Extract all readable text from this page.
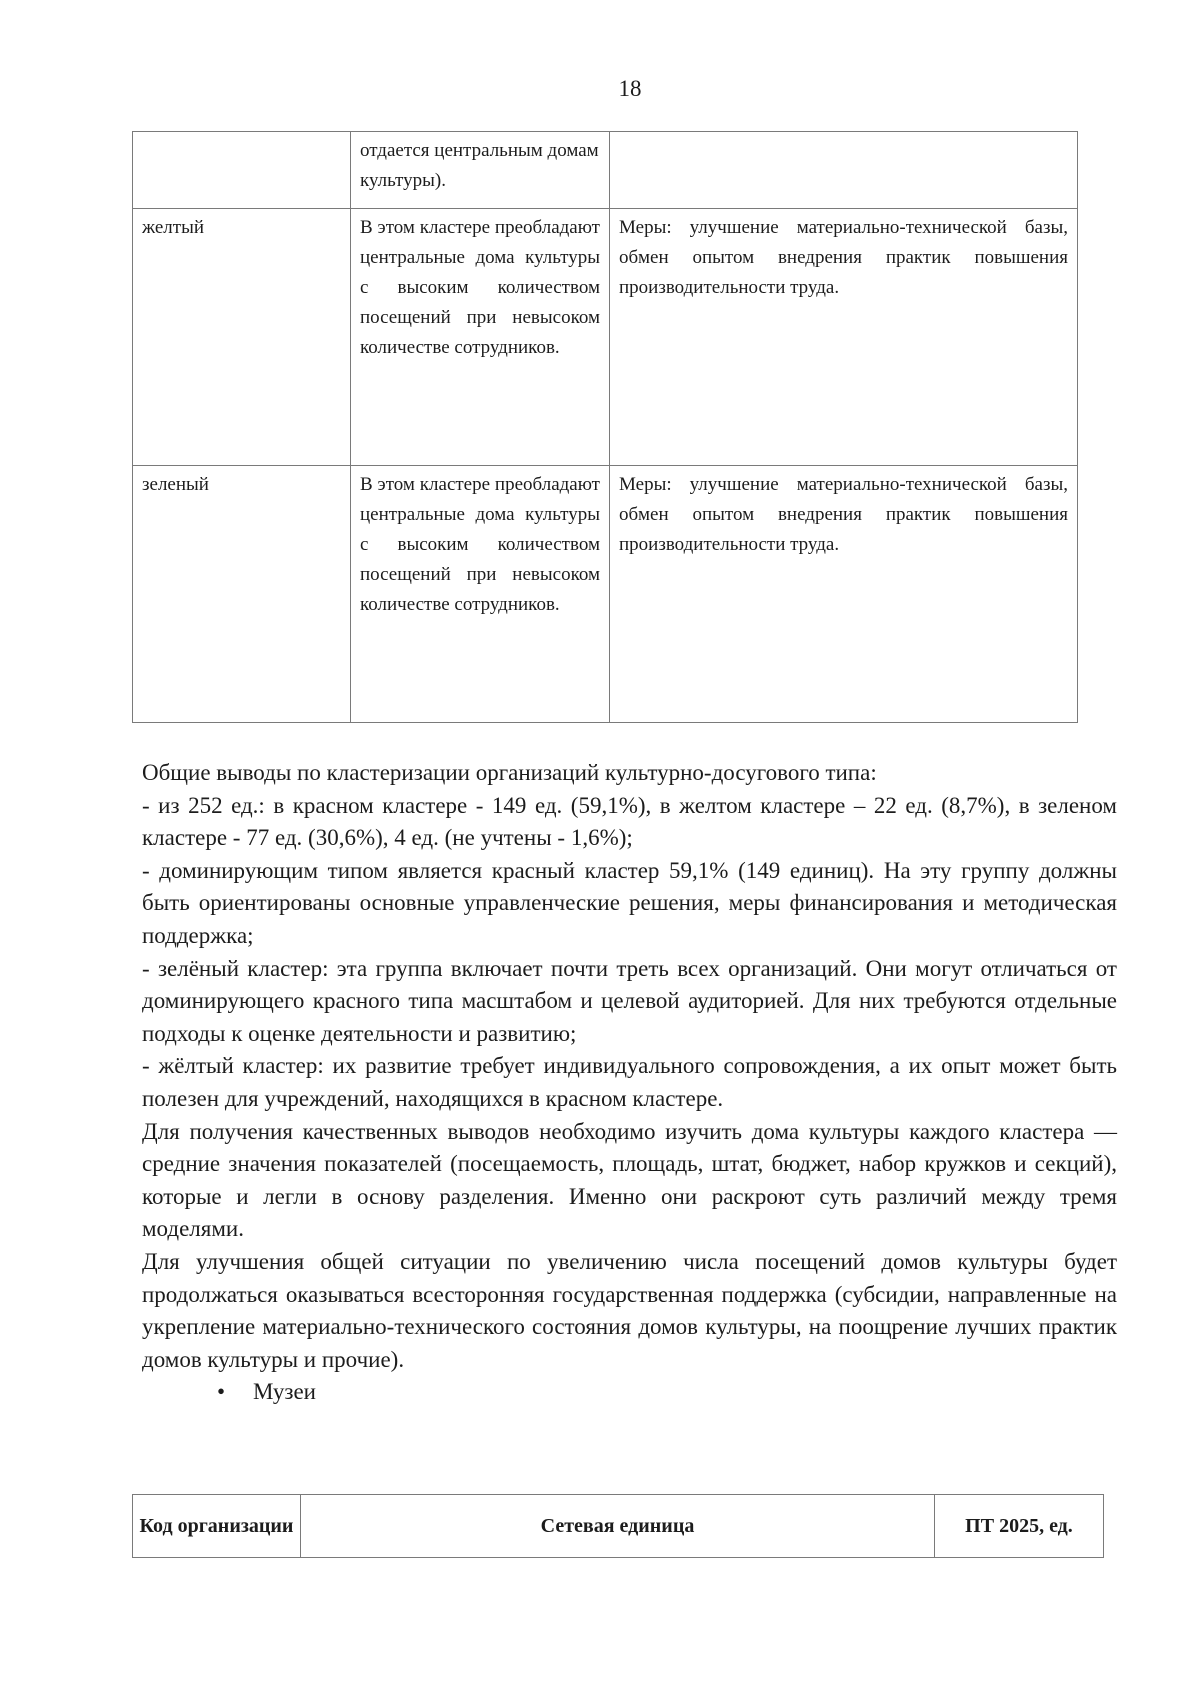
18
	отдается центральным домам культуры).	
желтый	В этом кластере преобладают центральные дома культуры с высоким количеством посещений при невысоком количестве сотрудников.	Меры: улучшение материально-технической базы, обмен опытом внедрения практик повышения производительности труда.
зеленый	В этом кластере преобладают центральные дома культуры с высоким количеством посещений при невысоком количестве сотрудников.	Меры: улучшение материально-технической базы, обмен опытом внедрения практик повышения производительности труда.

Общие выводы по кластеризации организаций культурно-досугового типа:

- из 252 ед.: в красном кластере - 149 ед. (59,1%), в желтом кластере – 22 ед. (8,7%), в зеленом кластере - 77 ед. (30,6%), 4 ед. (не учтены - 1,6%);

- доминирующим типом является красный кластер 59,1% (149 единиц). На эту группу должны быть ориентированы основные управленческие решения, меры финансирования и методическая поддержка;

- зелёный кластер: эта группа включает почти треть всех организаций. Они могут отличаться от доминирующего красного типа масштабом и целевой аудиторией. Для них требуются отдельные подходы к оценке деятельности и развитию;

- жёлтый кластер: их развитие требует индивидуального сопровождения, а их опыт может быть полезен для учреждений, находящихся в красном кластере.

Для получения качественных выводов необходимо изучить дома культуры каждого кластера — средние значения показателей (посещаемость, площадь, штат, бюджет, набор кружков и секций), которые и легли в основу разделения. Именно они раскроют суть различий между тремя моделями.

Для улучшения общей ситуации по увеличению числа посещений домов культуры будет продолжаться оказываться всесторонняя государственная поддержка (субсидии, направленные на укрепление материально-технического состояния домов культуры, на поощрение лучших практик домов культуры и прочие).

• Музеи

Код организации	Сетевая единица	ПТ 2025, ед.
